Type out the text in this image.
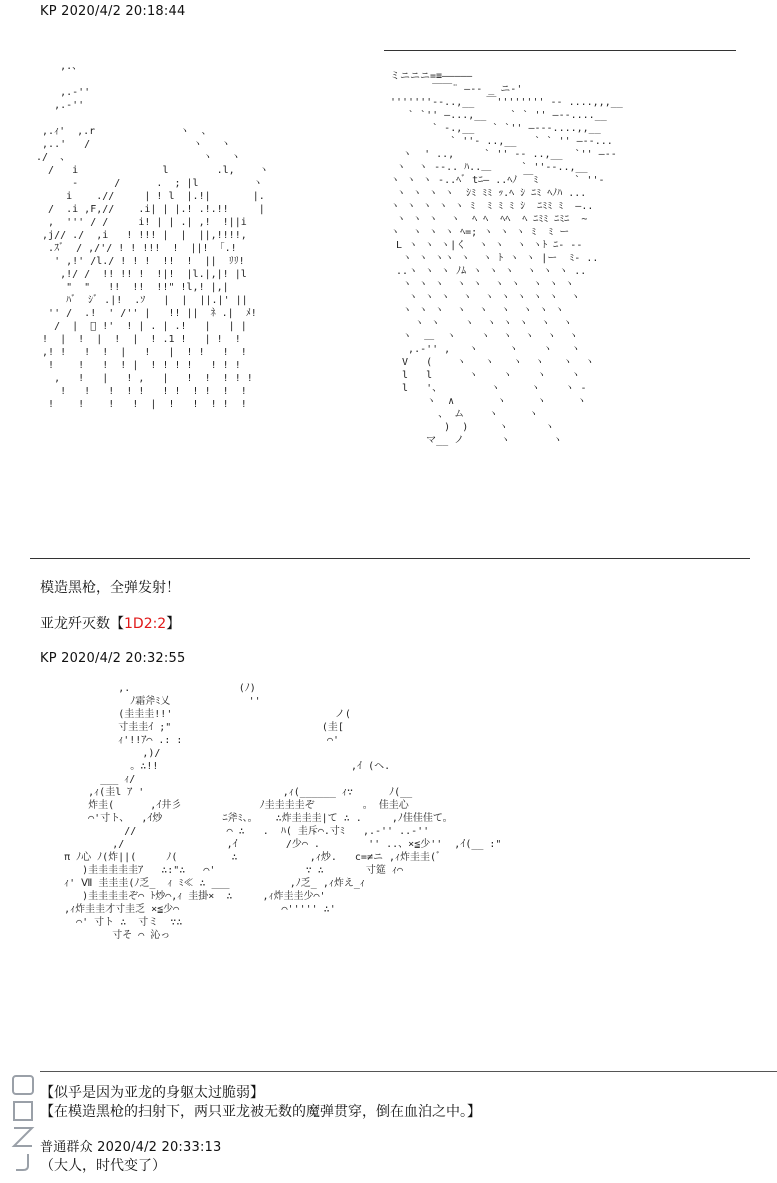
KP 2020/4/2 20:18:44
,.、

,.-''
,.-''

,.ｨ'  ,.r              ヽ  、
,..'   /                 ヽ   ヽ
./  、                      ヽ   ヽ
/   i              l        .l,    ヽ
-      /      .  ; |l         ヽ
i    .//     | ! l  |.!|       |.
/  .i ,F,//    .i| | |.! .!.!!     |
,  ''' / /     i! | | .| ,!  !||i
,j// ./  ,i   ! !!! |  |  ||,!!!!,
.ｽﾞ  / ,/'/ ! ! !!!  !  ||! 「.!
' ,!' /l./ ! ! !  !!  !  ||  ﾘﾘ!
,!/ /  !! !! !  !|!  |l.|,|! |l
"  "   !!  !!  !!" !l,! |,|
ﾊﾞ  ｼﾞ .|!  .ｿ   |  |  ||.|' ||
'' /  .!  ' /'' |   !! ||  ﾈ .|  ﾒ!
/  |  ﾞ !'  ! | . | .!   |   | |
!  |  !  |  !  |  ! .1 !   | !  !
,! !   !  !  |   !   |  ! !   !  !
!    !   !  ! |  ! ! ! !   ! ! !
,   !   |   ! ,   |   !  !  ! ! !
!   !   !  ! !   ! !  ! !  !  !
!    !    !   !  |  !   !  ! !  !
ミニニニ=≡―――――
￣￣¨ ―-- _ ニ-'
'''''''--..,__  ￣'''''''' -- ....,,,__
` `'' ―...,__    ` ` '' ―--....__
` -.,__   ` `'' ―---....,,__
` ''- ..,__   ` ` '' ―--...
ヽ  ' ..,     ` '' ‐- ..,__  `'' ―--
ヽ  ヽ ‐-.. ﾊ..＿     ` ''‐-..,__
ヽ ヽ ヽ ‐..ﾍﾞ tﾆ― ..ﾍﾉ ￣ﾐ      ` ''-
ヽ ヽ ヽ ヽ  ｼﾐ ﾐﾐ ｯ.ﾍ ｼ ﾆﾐ ﾍﾉﾊ ...
ヽ ヽ ヽ ヽ ヽ ﾐ  ﾐ ﾐ ﾐ ｼ  ﾆﾐﾐ ﾐ  ―..
ヽ ヽ ヽ  ヽ  ﾍ ﾍ  ﾍﾍ  ﾍ ﾆﾐﾐ ﾆﾐﾆ  ~
ヽ  ヽ ヽ ヽ ﾍ=; ヽ ヽ ヽ ﾐ  ﾐ ー
L ヽ ヽ ヽ|く  ヽ ヽ  ヽ ヽﾄ ﾆ- ‐-
ヽ ヽ ヽヽ ヽ  ヽ ﾄ ヽ ヽ |ー  ﾐ‐ ..
..ヽ ヽ ヽ ﾉﾑ ヽ ヽ ヽ  ヽ ヽ ヽ ..
ヽ ヽ ヽ  ヽ ヽ  ヽ ヽ  ヽ ヽ ヽ
ヽ ヽ ヽ  ヽ  ヽ ヽ ヽ ヽ ヽ  ヽ
ヽ ヽ ヽ  ヽ  ヽ  ヽ  ヽ ヽ ヽ
ヽ ヽ    ヽ  ヽ ヽ ヽ  ヽ  ヽ
ヽ  ＿  ヽ    ヽ  ヽ  ヽ  ヽ  ヽ
,.-'' ,   ヽ     ヽ    ヽ   ヽ
V   (    ヽ   ヽ   ヽ  ヽ   ヽ  ヽ
l   l      ヽ    ヽ    ヽ    ヽ
l   '、        ヽ     ヽ    ヽ -
ヽ  ∧       ヽ     ヽ     ヽ
、 ム    ヽ     ヽ
)  )     ヽ      ヽ
マ__ ノ      ヽ       ヽ
模造黑枪，全弹发射！
亚龙歼灭数【1D2:2】
KP 2020/4/2 20:32:55
,.                  (ﾉ)
ﾉ霜斧ﾐ乂             ''
(圭圭圭!!'                           ノ(
寸圭圭ｲ ;"                         (圭[
ｨ'!!ｱ⌒ .: :                        ⌒'
,)/
。∴!!                                ,ｲ (ヘ.
___ ｨ/
,ｨ(圭l ｱ '                       ,ｨ(______ ｨ∵      ﾉ(__
炸圭(      ,ｲ井彡             ﾉ圭圭圭圭ぞ        。 佳圭心
⌒'寸ト、  ,ｲ炒          ﾆ斧ﾐ、。   ∴炸圭圭圭|て ∴ .     ,ﾉ佳佳佳て。
//               ⌒ ∴   .  ﾊ( 圭斥⌒.寸ﾐ   ,.-'' ..-''
,/                 ,ｲ        /少⌒ .        '' ..、×≦少''  ,ｲ(__ :"
π ﾉ心 ﾉ(炸||(     ﾉ(         ∴            ,ｨ炒.   c=≠ニ ,ｨ炸圭圭(ﾞ
)圭圭圭圭圭ｱ   ∴:"∴   ⌒'               ∵ ∴       寸筵 ｨ⌒
ｨ' Ⅶ 圭圭圭(ﾉ乏_  ｨ ﾐ≪ ∴ ___          ,ﾉ乏_ ,ｨ炸え_ｨ
)圭圭圭圭ぞ⌒ ﾄ炒⌒,ｨ 圭掛×  ∴     ,ｨ炸圭圭少⌒'
,ｨ炸圭圭才寸圭乏 ×≦少⌒                 ⌒''''' ∴'
⌒' 寸ト ∴  寸ミ  ∵∴
寸そ ⌒ 沁っ
【似乎是因为亚龙的身躯太过脆弱】
【在模造黑枪的扫射下，两只亚龙被无数的魔弹贯穿，倒在血泊之中。】
普通群众 2020/4/2 20:33:13
（大人，时代变了）
